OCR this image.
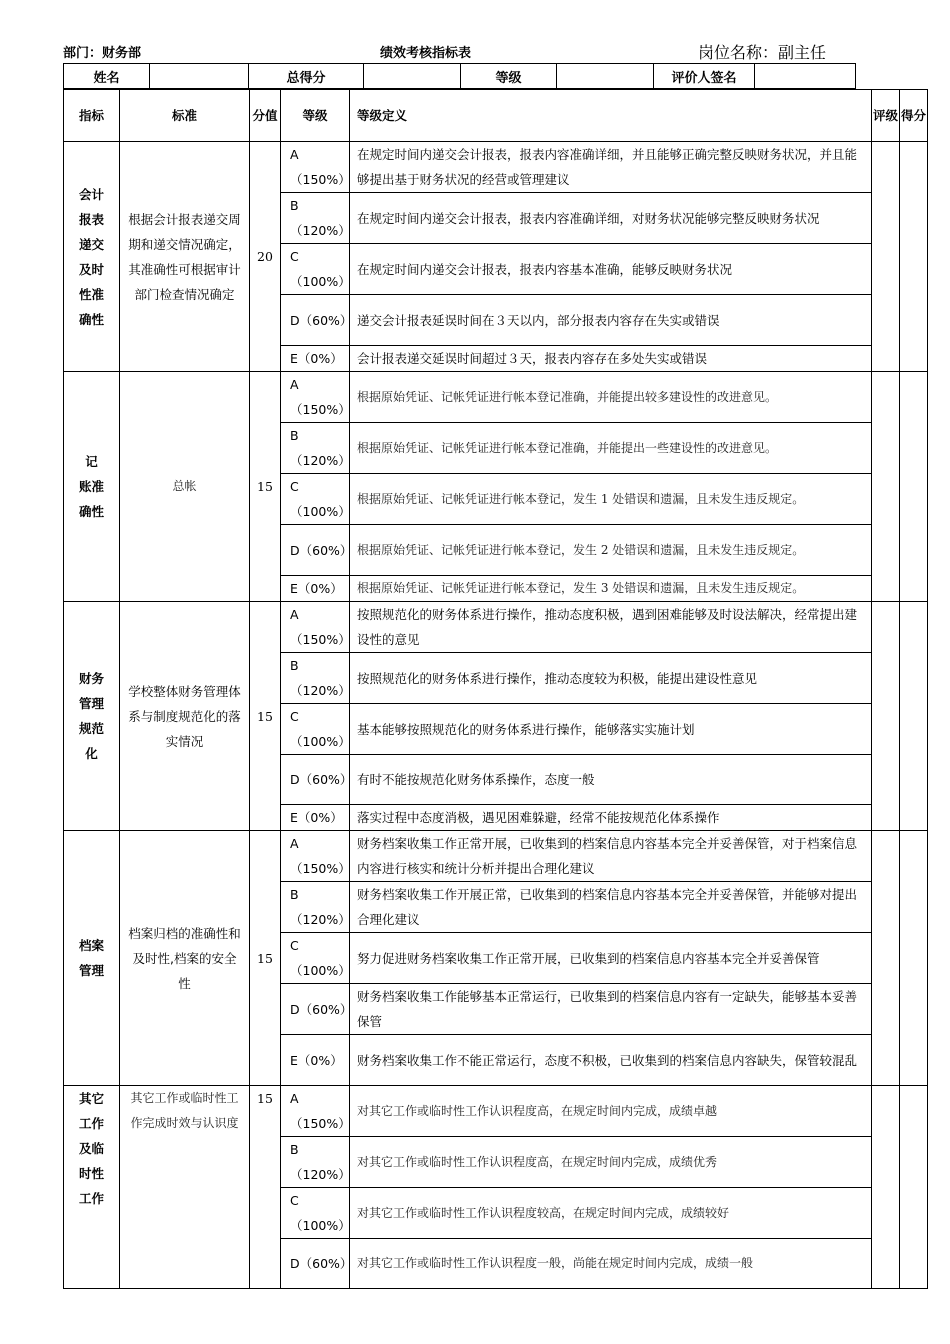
部门：财务部	绩效考核指标表	岗位名称：副主任
姓名		总得分		等级		评价人签名	
指标	标准	分值	等级	等级定义	评级	得分
会计报表递交及时性准确性	根据会计报表递交周期和递交情况确定，其准确性可根据审计部门检查情况确定	20	A（150%）	在规定时间内递交会计报表，报表内容准确详细，并且能够正确完整反映财务状况，并且能够提出基于财务状况的经营或管理建议		
			B（120%）	在规定时间内递交会计报表，报表内容准确详细，对财务状况能够完整反映财务状况		
			C（100%）	在规定时间内递交会计报表，报表内容基本准确，能够反映财务状况		
			D（60%）	递交会计报表延误时间在３天以内，部分报表内容存在失实或错误		
			E（0%）	会计报表递交延误时间超过３天，报表内容存在多处失实或错误		
记　账准　确性	总帐	15	A（150%）	根据原始凭证、记帐凭证进行帐本登记准确，并能提出较多建设性的改进意见。		
			B（120%）	根据原始凭证、记帐凭证进行帐本登记准确，并能提出一些建设性的改进意见。		
			C（100%）	根据原始凭证、记帐凭证进行帐本登记，发生 1 处错误和遗漏，且未发生违反规定。		
			D（60%）	根据原始凭证、记帐凭证进行帐本登记，发生 2 处错误和遗漏，且未发生违反规定。		
			E（0%）	根据原始凭证、记帐凭证进行帐本登记，发生 3 处错误和遗漏，且未发生违反规定。		
财务管理规范化	学校整体财务管理体系与制度规范化的落实情况	15	A（150%）	按照规范化的财务体系进行操作，推动态度积极，遇到困难能够及时设法解决，经常提出建设性的意见		
			B（120%）	按照规范化的财务体系进行操作，推动态度较为积极，能提出建设性意见		
			C（100%）	基本能够按照规范化的财务体系进行操作，能够落实实施计划		
			D（60%）	有时不能按规范化财务体系操作，态度一般		
			E（0%）	落实过程中态度消极，遇见困难躲避，经常不能按规范化体系操作		
档案管理	档案归档的准确性和及时性,档案的安全性	15	A（150%）	财务档案收集工作正常开展，已收集到的档案信息内容基本完全并妥善保管，对于档案信息内容进行核实和统计分析并提出合理化建议		
			B（120%）	财务档案收集工作开展正常，已收集到的档案信息内容基本完全并妥善保管，并能够对提出合理化建议		
			C（100%）	努力促进财务档案收集工作正常开展，已收集到的档案信息内容基本完全并妥善保管		
			D（60%）	财务档案收集工作能够基本正常运行，已收集到的档案信息内容有一定缺失，能够基本妥善保管		
			E（0%）	财务档案收集工作不能正常运行，态度不积极，已收集到的档案信息内容缺失，保管较混乱		
其它工作及临时性工作	其它工作或临时性工作完成时效与认识度	15	A（150%）	对其它工作或临时性工作认识程度高，在规定时间内完成，成绩卓越		
			B（120%）	对其它工作或临时性工作认识程度高，在规定时间内完成，成绩优秀		
			C（100%）	对其它工作或临时性工作认识程度较高，在规定时间内完成，成绩较好		
			D（60%）	对其它工作或临时性工作认识程度一般，尚能在规定时间内完成，成绩一般		
